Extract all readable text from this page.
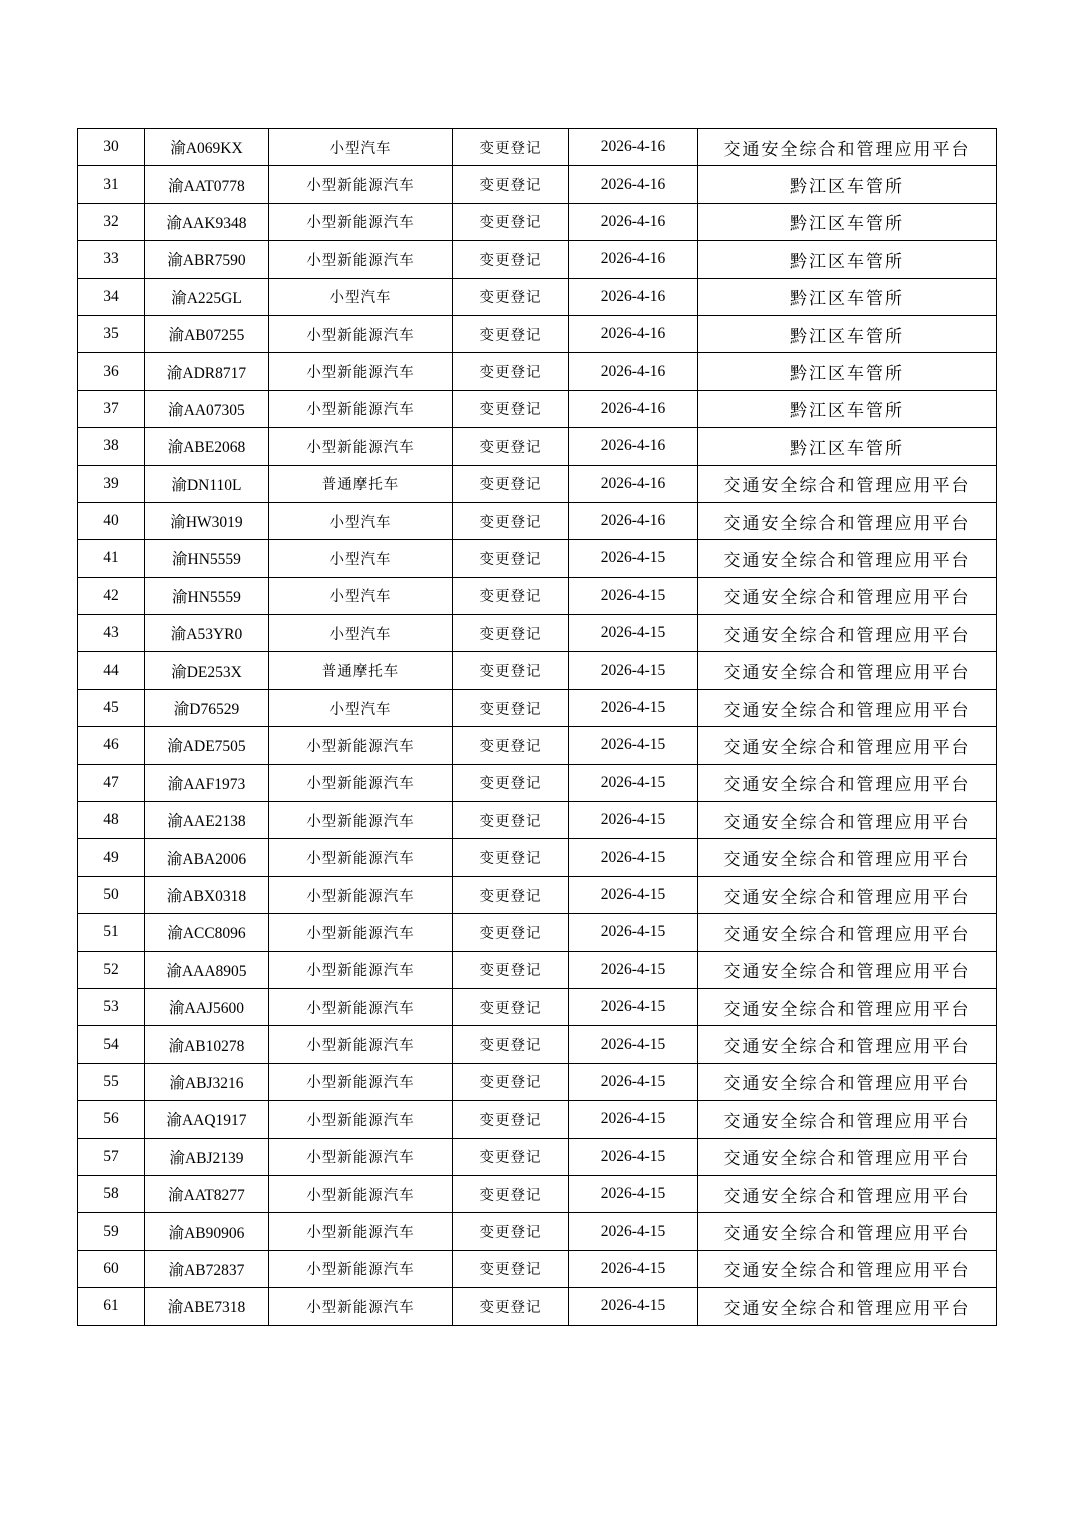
30	渝A069KX	小型汽车	变更登记	2026-4-16	交通安全综合和管理应用平台
31	渝AAT0778	小型新能源汽车	变更登记	2026-4-16	黔江区车管所
32	渝AAK9348	小型新能源汽车	变更登记	2026-4-16	黔江区车管所
33	渝ABR7590	小型新能源汽车	变更登记	2026-4-16	黔江区车管所
34	渝A225GL	小型汽车	变更登记	2026-4-16	黔江区车管所
35	渝AB07255	小型新能源汽车	变更登记	2026-4-16	黔江区车管所
36	渝ADR8717	小型新能源汽车	变更登记	2026-4-16	黔江区车管所
37	渝AA07305	小型新能源汽车	变更登记	2026-4-16	黔江区车管所
38	渝ABE2068	小型新能源汽车	变更登记	2026-4-16	黔江区车管所
39	渝DN110L	普通摩托车	变更登记	2026-4-16	交通安全综合和管理应用平台
40	渝HW3019	小型汽车	变更登记	2026-4-16	交通安全综合和管理应用平台
41	渝HN5559	小型汽车	变更登记	2026-4-15	交通安全综合和管理应用平台
42	渝HN5559	小型汽车	变更登记	2026-4-15	交通安全综合和管理应用平台
43	渝A53YR0	小型汽车	变更登记	2026-4-15	交通安全综合和管理应用平台
44	渝DE253X	普通摩托车	变更登记	2026-4-15	交通安全综合和管理应用平台
45	渝D76529	小型汽车	变更登记	2026-4-15	交通安全综合和管理应用平台
46	渝ADE7505	小型新能源汽车	变更登记	2026-4-15	交通安全综合和管理应用平台
47	渝AAF1973	小型新能源汽车	变更登记	2026-4-15	交通安全综合和管理应用平台
48	渝AAE2138	小型新能源汽车	变更登记	2026-4-15	交通安全综合和管理应用平台
49	渝ABA2006	小型新能源汽车	变更登记	2026-4-15	交通安全综合和管理应用平台
50	渝ABX0318	小型新能源汽车	变更登记	2026-4-15	交通安全综合和管理应用平台
51	渝ACC8096	小型新能源汽车	变更登记	2026-4-15	交通安全综合和管理应用平台
52	渝AAA8905	小型新能源汽车	变更登记	2026-4-15	交通安全综合和管理应用平台
53	渝AAJ5600	小型新能源汽车	变更登记	2026-4-15	交通安全综合和管理应用平台
54	渝AB10278	小型新能源汽车	变更登记	2026-4-15	交通安全综合和管理应用平台
55	渝ABJ3216	小型新能源汽车	变更登记	2026-4-15	交通安全综合和管理应用平台
56	渝AAQ1917	小型新能源汽车	变更登记	2026-4-15	交通安全综合和管理应用平台
57	渝ABJ2139	小型新能源汽车	变更登记	2026-4-15	交通安全综合和管理应用平台
58	渝AAT8277	小型新能源汽车	变更登记	2026-4-15	交通安全综合和管理应用平台
59	渝AB90906	小型新能源汽车	变更登记	2026-4-15	交通安全综合和管理应用平台
60	渝AB72837	小型新能源汽车	变更登记	2026-4-15	交通安全综合和管理应用平台
61	渝ABE7318	小型新能源汽车	变更登记	2026-4-15	交通安全综合和管理应用平台
